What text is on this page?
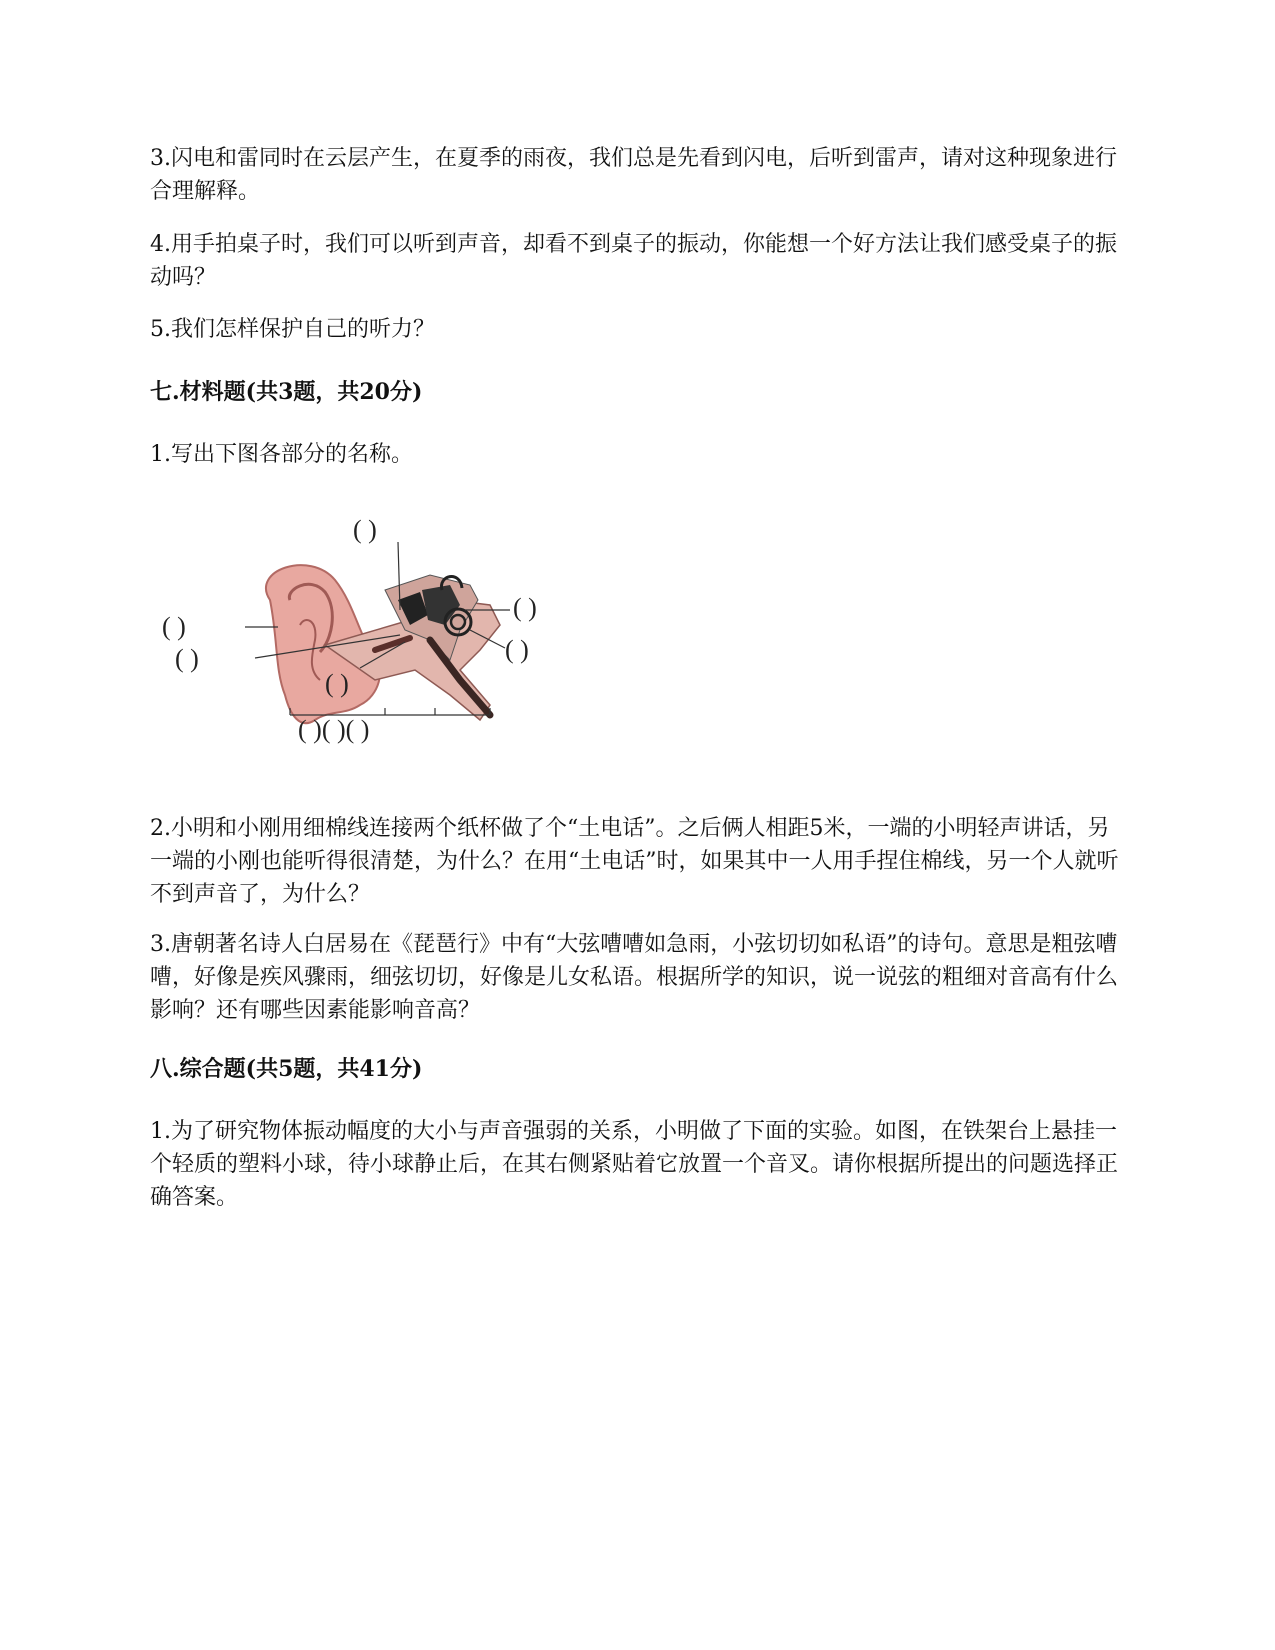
3.闪电和雷同时在云层产生，在夏季的雨夜，我们总是先看到闪电，后听到雷声，请对这种现象进行合理解释。

4.用手拍桌子时，我们可以听到声音，却看不到桌子的振动，你能想一个好方法让我们感受桌子的振动吗？

5.我们怎样保护自己的听力？

七.材料题(共3题，共20分)

1.写出下图各部分的名称。

( )
( )
( )
( )
( )
( )
( )( )( )

2.小明和小刚用细棉线连接两个纸杯做了个“土电话”。之后俩人相距5米，一端的小明轻声讲话，另一端的小刚也能听得很清楚，为什么？在用“土电话”时，如果其中一人用手捏住棉线，另一个人就听不到声音了，为什么？

3.唐朝著名诗人白居易在《琵琶行》中有“大弦嘈嘈如急雨，小弦切切如私语”的诗句。意思是粗弦嘈嘈，好像是疾风骤雨，细弦切切，好像是儿女私语。根据所学的知识，说一说弦的粗细对音高有什么影响？还有哪些因素能影响音高？

八.综合题(共5题，共41分)

1.为了研究物体振动幅度的大小与声音强弱的关系，小明做了下面的实验。如图，在铁架台上悬挂一个轻质的塑料小球，待小球静止后，在其右侧紧贴着它放置一个音叉。请你根据所提出的问题选择正确答案。
